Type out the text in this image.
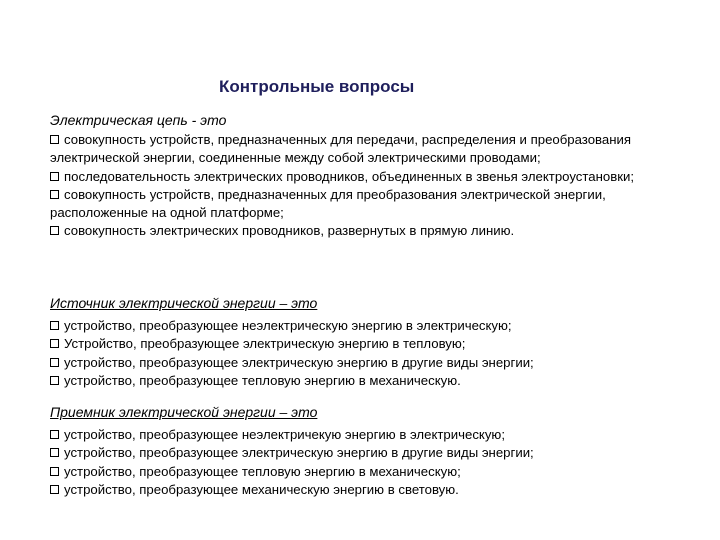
Контрольные вопросы
Электрическая цепь - это
совокупность устройств, предназначенных для передачи, распределения и преобразования электрической энергии, соединенные между собой электрическими проводами;
последовательность электрических проводников, объединенных в звенья электроустановки;
совокупность устройств, предназначенных для преобразования электрической энергии, расположенные на одной платформе;
совокупность электрических проводников, развернутых в прямую линию.
Источник электрической энергии – это
устройство, преобразующее неэлектрическую энергию в электрическую;
Устройство, преобразующее электрическую энергию в тепловую;
устройство, преобразующее электрическую энергию в другие виды энергии;
устройство, преобразующее тепловую энергию в механическую.
Приемник электрической энергии – это
устройство, преобразующее неэлектричекую энергию в электрическую;
устройство, преобразующее электрическую энергию в другие виды энергии;
устройство, преобразующее тепловую энергию в механическую;
устройство, преобразующее механическую энергию в световую.
